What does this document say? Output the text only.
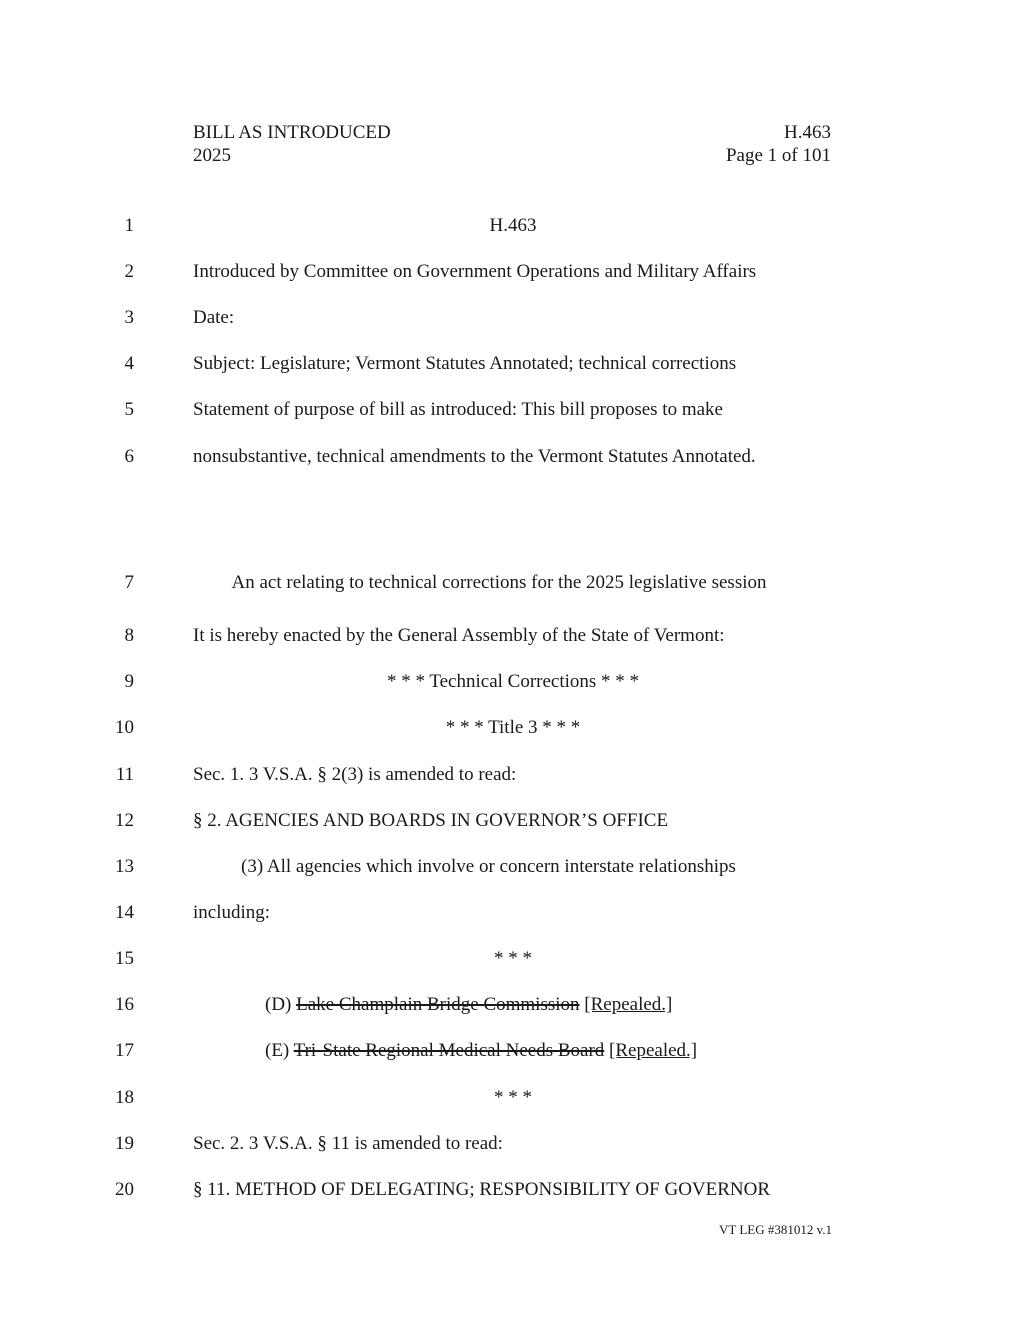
BILL AS INTRODUCED
2025
H.463
Page 1 of 101
1	H.463
2	Introduced by Committee on Government Operations and Military Affairs
3	Date:
4	Subject: Legislature; Vermont Statutes Annotated; technical corrections
5	Statement of purpose of bill as introduced: This bill proposes to make
6	nonsubstantive, technical amendments to the Vermont Statutes Annotated.
7	An act relating to technical corrections for the 2025 legislative session
8	It is hereby enacted by the General Assembly of the State of Vermont:
9	* * * Technical Corrections * * *
10	* * * Title 3 * * *
11	Sec. 1. 3 V.S.A. § 2(3) is amended to read:
12	§ 2. AGENCIES AND BOARDS IN GOVERNOR’S OFFICE
13	(3) All agencies which involve or concern interstate relationships
14	including:
15	* * *
16	(D) Lake Champlain Bridge Commission [Repealed.]
17	(E) Tri-State Regional Medical Needs Board [Repealed.]
18	* * *
19	Sec. 2. 3 V.S.A. § 11 is amended to read:
20	§ 11. METHOD OF DELEGATING; RESPONSIBILITY OF GOVERNOR
VT LEG #381012 v.1
